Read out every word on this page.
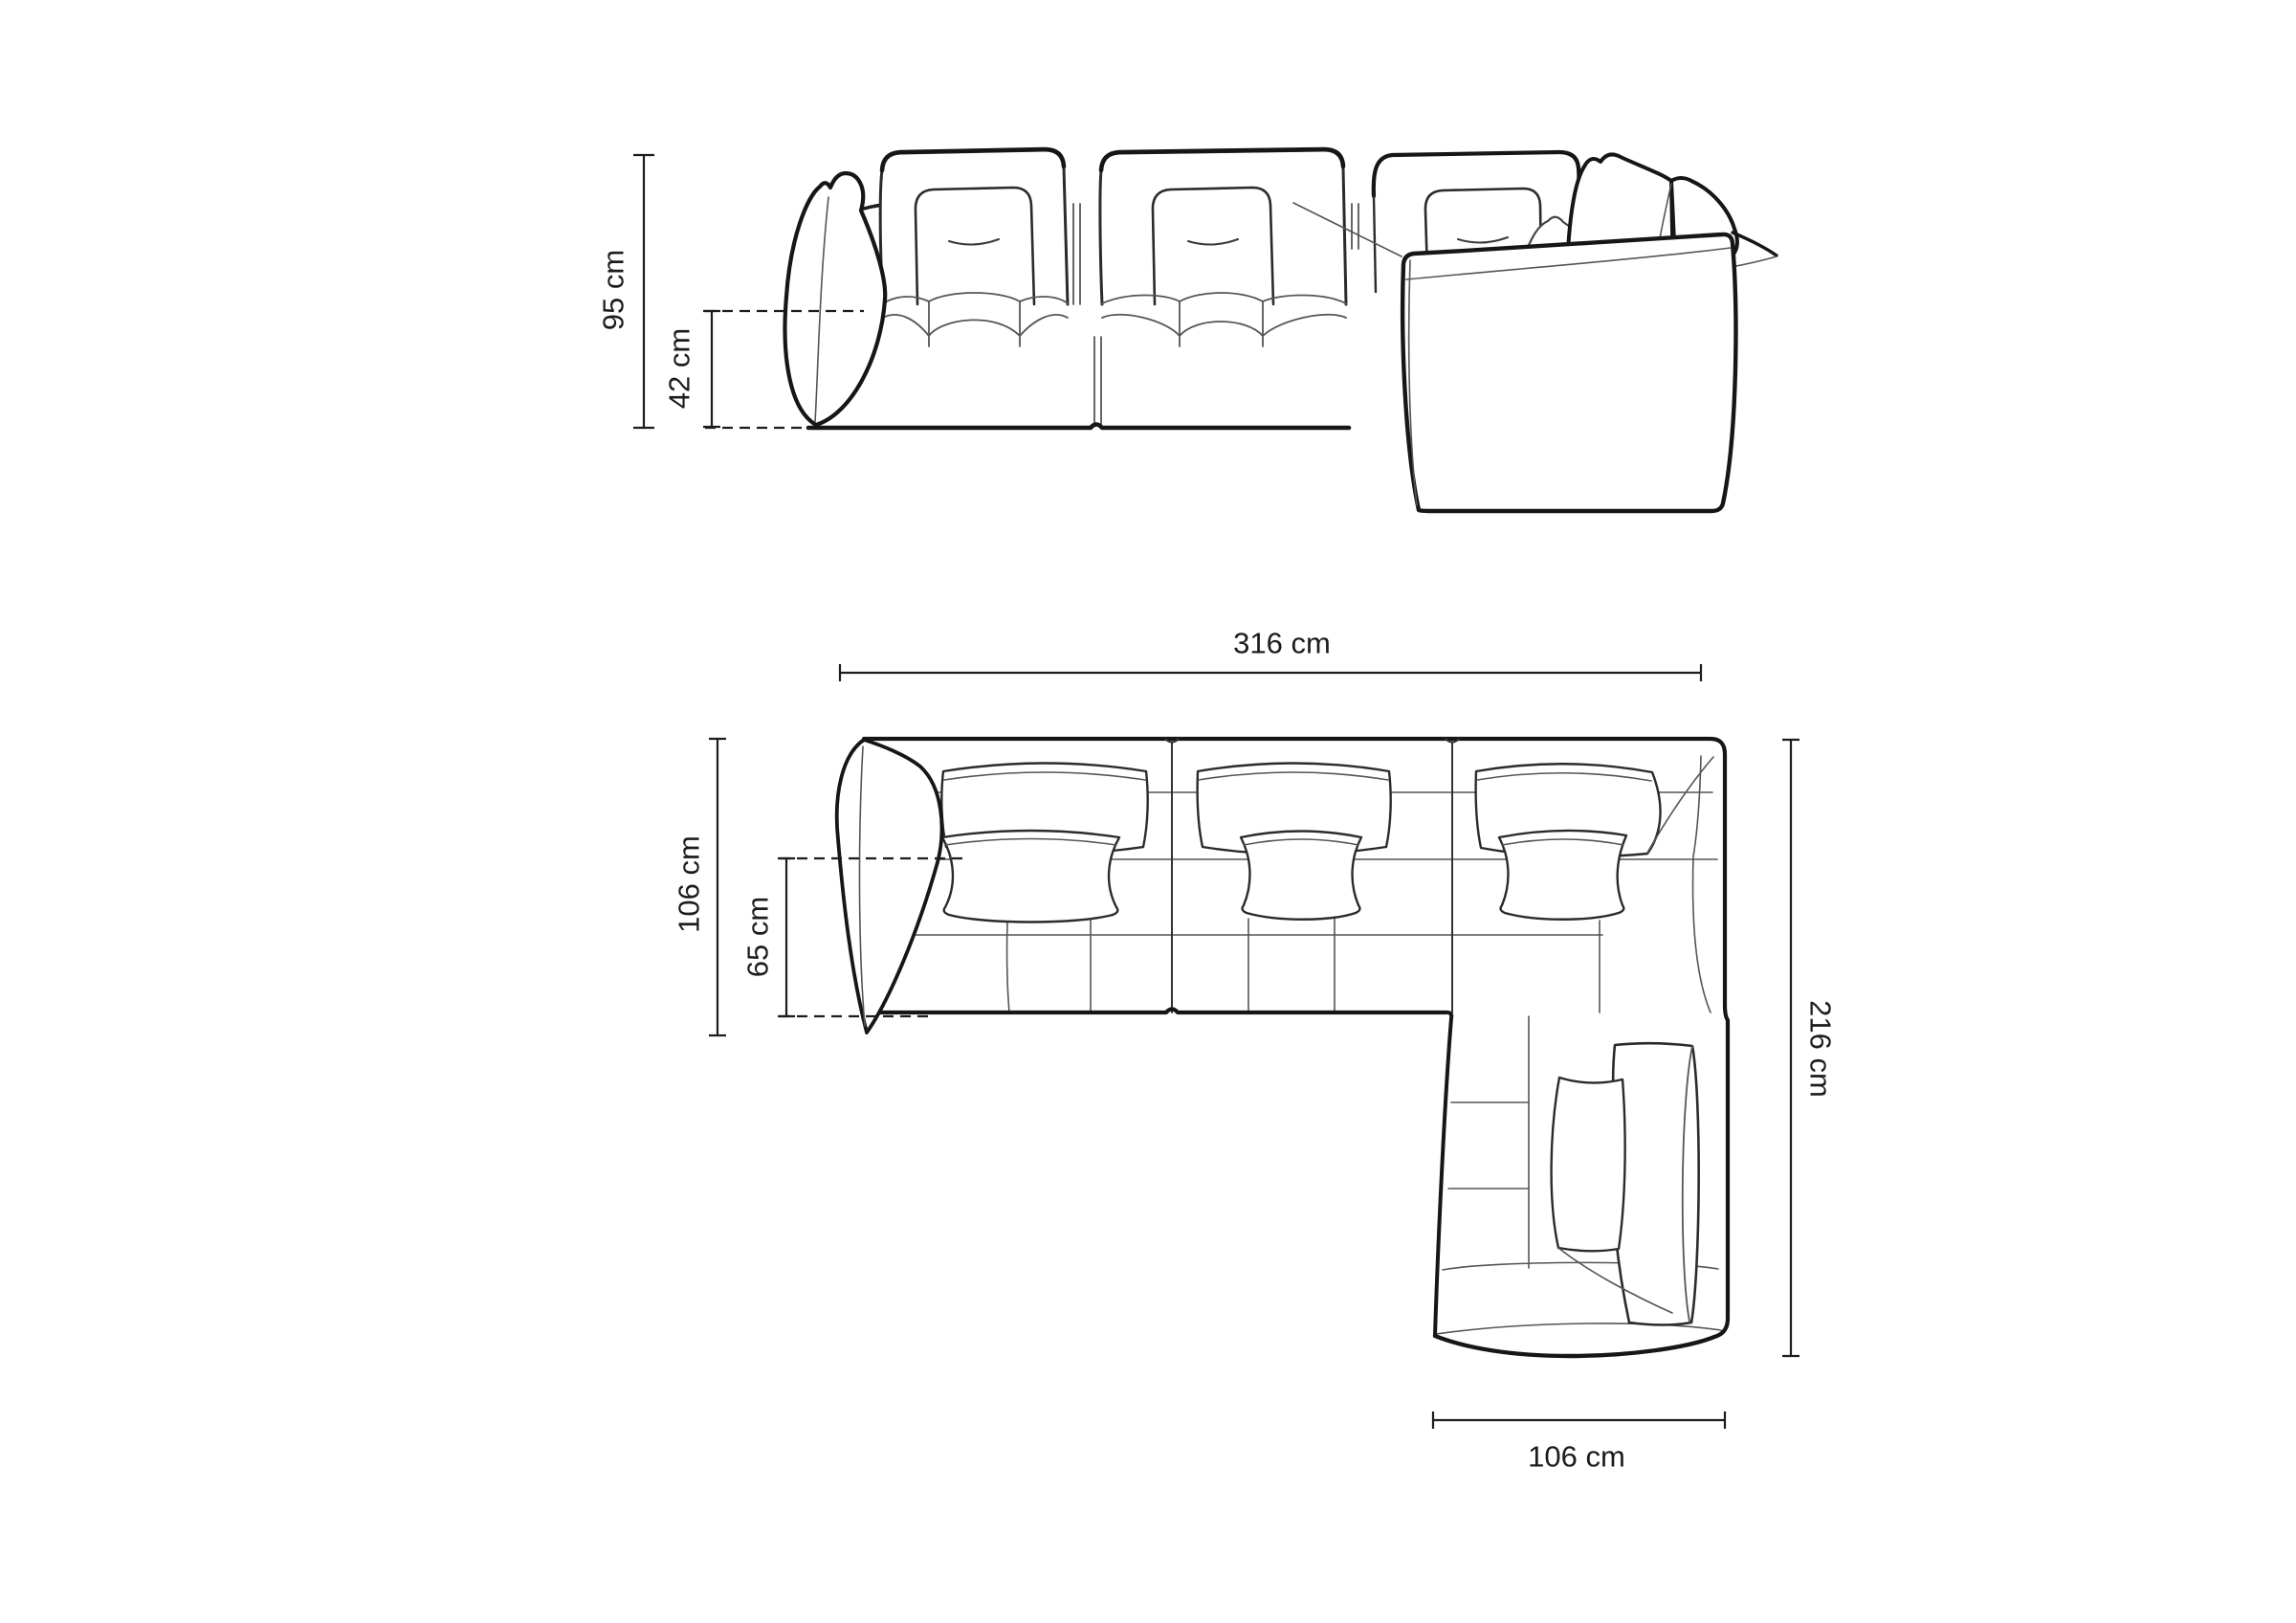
95 cm
42 cm
316 cm
106 cm
65 cm
216 cm
106 cm
